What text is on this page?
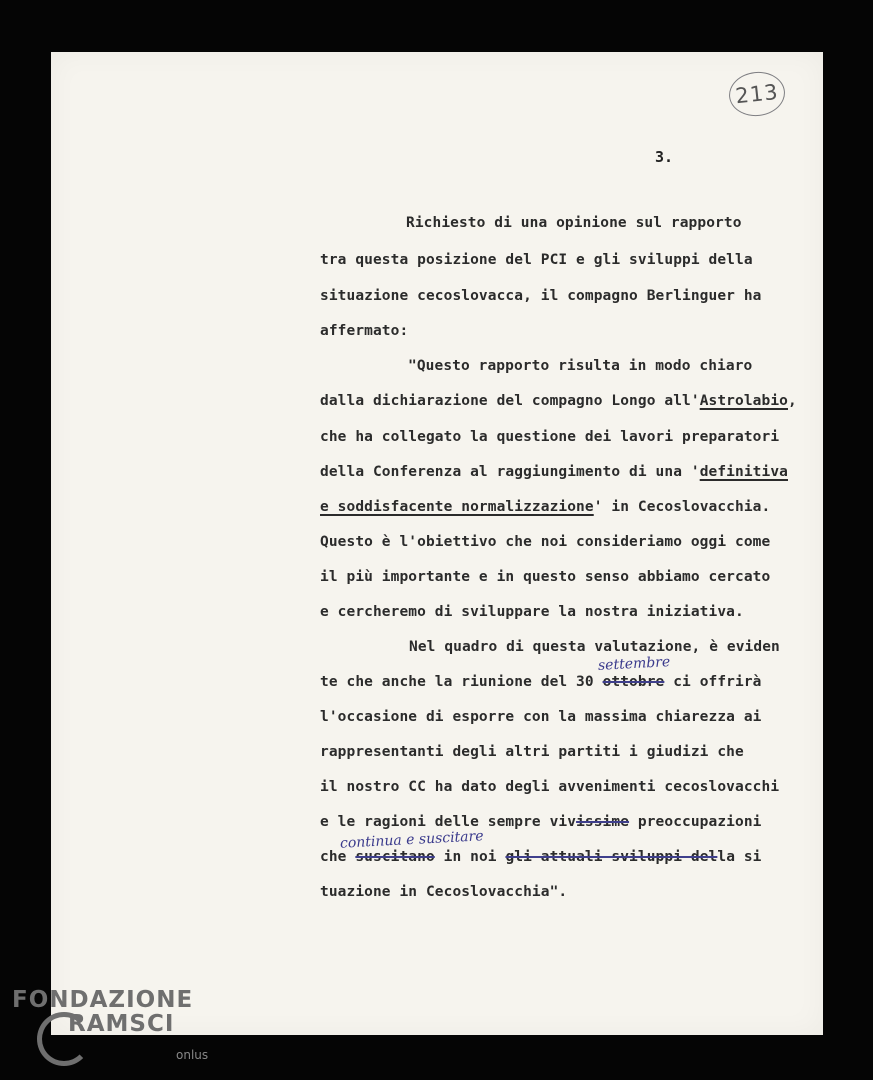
213
3.
Richiesto di una opinione sul rapporto
tra questa posizione del PCI e gli sviluppi della
situazione cecoslovacca, il compagno Berlinguer ha
affermato:
"Questo rapporto risulta in modo chiaro
dalla dichiarazione del compagno Longo all'Astrolabio,
che ha collegato la questione dei lavori preparatori
della Conferenza al raggiungimento di una 'definitiva
e soddisfacente normalizzazione' in Cecoslovacchia.
Questo è l'obiettivo che noi consideriamo oggi come
il più importante e in questo senso abbiamo cercato
e cercheremo di sviluppare la nostra iniziativa.
Nel quadro di questa valutazione, è eviden
settembre
te che anche la riunione del 30 ottobre ci offrirà
l'occasione di esporre con la massima chiarezza ai
rappresentanti degli altri partiti i giudizi che
il nostro CC ha dato degli avvenimenti cecoslovacchi
e le ragioni delle sempre vivissime preoccupazioni
continua e suscitare
che suscitano in noi gli attuali sviluppi della si
tuazione in Cecoslovacchia".
FONDAZIONE
RAMSCI
onlus
